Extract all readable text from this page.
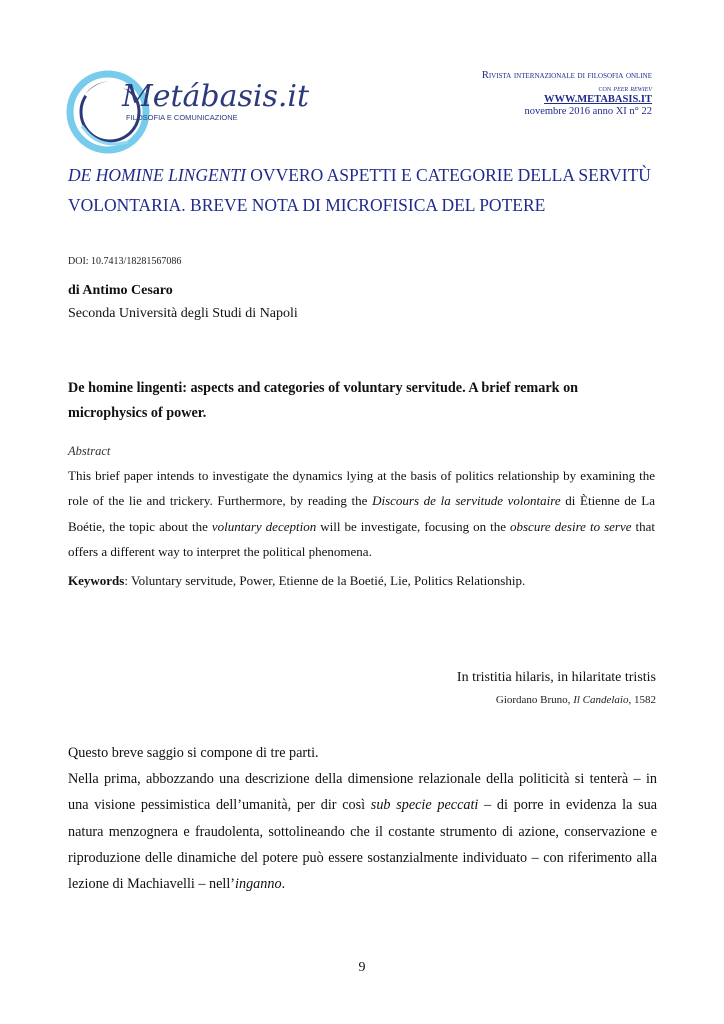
Metábasis.it
FILOSOFIA E COMUNICAZIONE
Rivista internazionale di filosofia online
con peer rewiev
WWW.METABASIS.IT
novembre 2016 anno XI n° 22
DE HOMINE LINGENTI OVVERO ASPETTI E CATEGORIE DELLA SERVITÙ VOLONTARIA. BREVE NOTA DI MICROFISICA DEL POTERE
DOI: 10.7413/18281567086
di Antimo Cesaro
Seconda Università degli Studi di Napoli
De homine lingenti: aspects and categories of voluntary servitude. A brief remark on microphysics of power.
Abstract
This brief paper intends to investigate the dynamics lying at the basis of politics relationship by examining the role of the lie and trickery. Furthermore, by reading the Discours de la servitude volontaire di Ètienne de La Boétie, the topic about the voluntary deception will be investigate, focusing on the obscure desire to serve that offers a different way to interpret the political phenomena.
Keywords: Voluntary servitude, Power, Etienne de la Boetié, Lie, Politics Relationship.
In tristitia hilaris, in hilaritate tristis
Giordano Bruno, Il Candelaio, 1582

Questo breve saggio si compone di tre parti.

Nella prima, abbozzando una descrizione della dimensione relazionale della politicità si tenterà – in una visione pessimistica dell’umanità, per dir così sub specie peccati – di porre in evidenza la sua natura menzognera e fraudolenta, sottolineando che il costante strumento di azione, conservazione e riproduzione delle dinamiche del potere può essere sostanzialmente individuato – con riferimento alla lezione di Machiavelli – nell’inganno.

9
